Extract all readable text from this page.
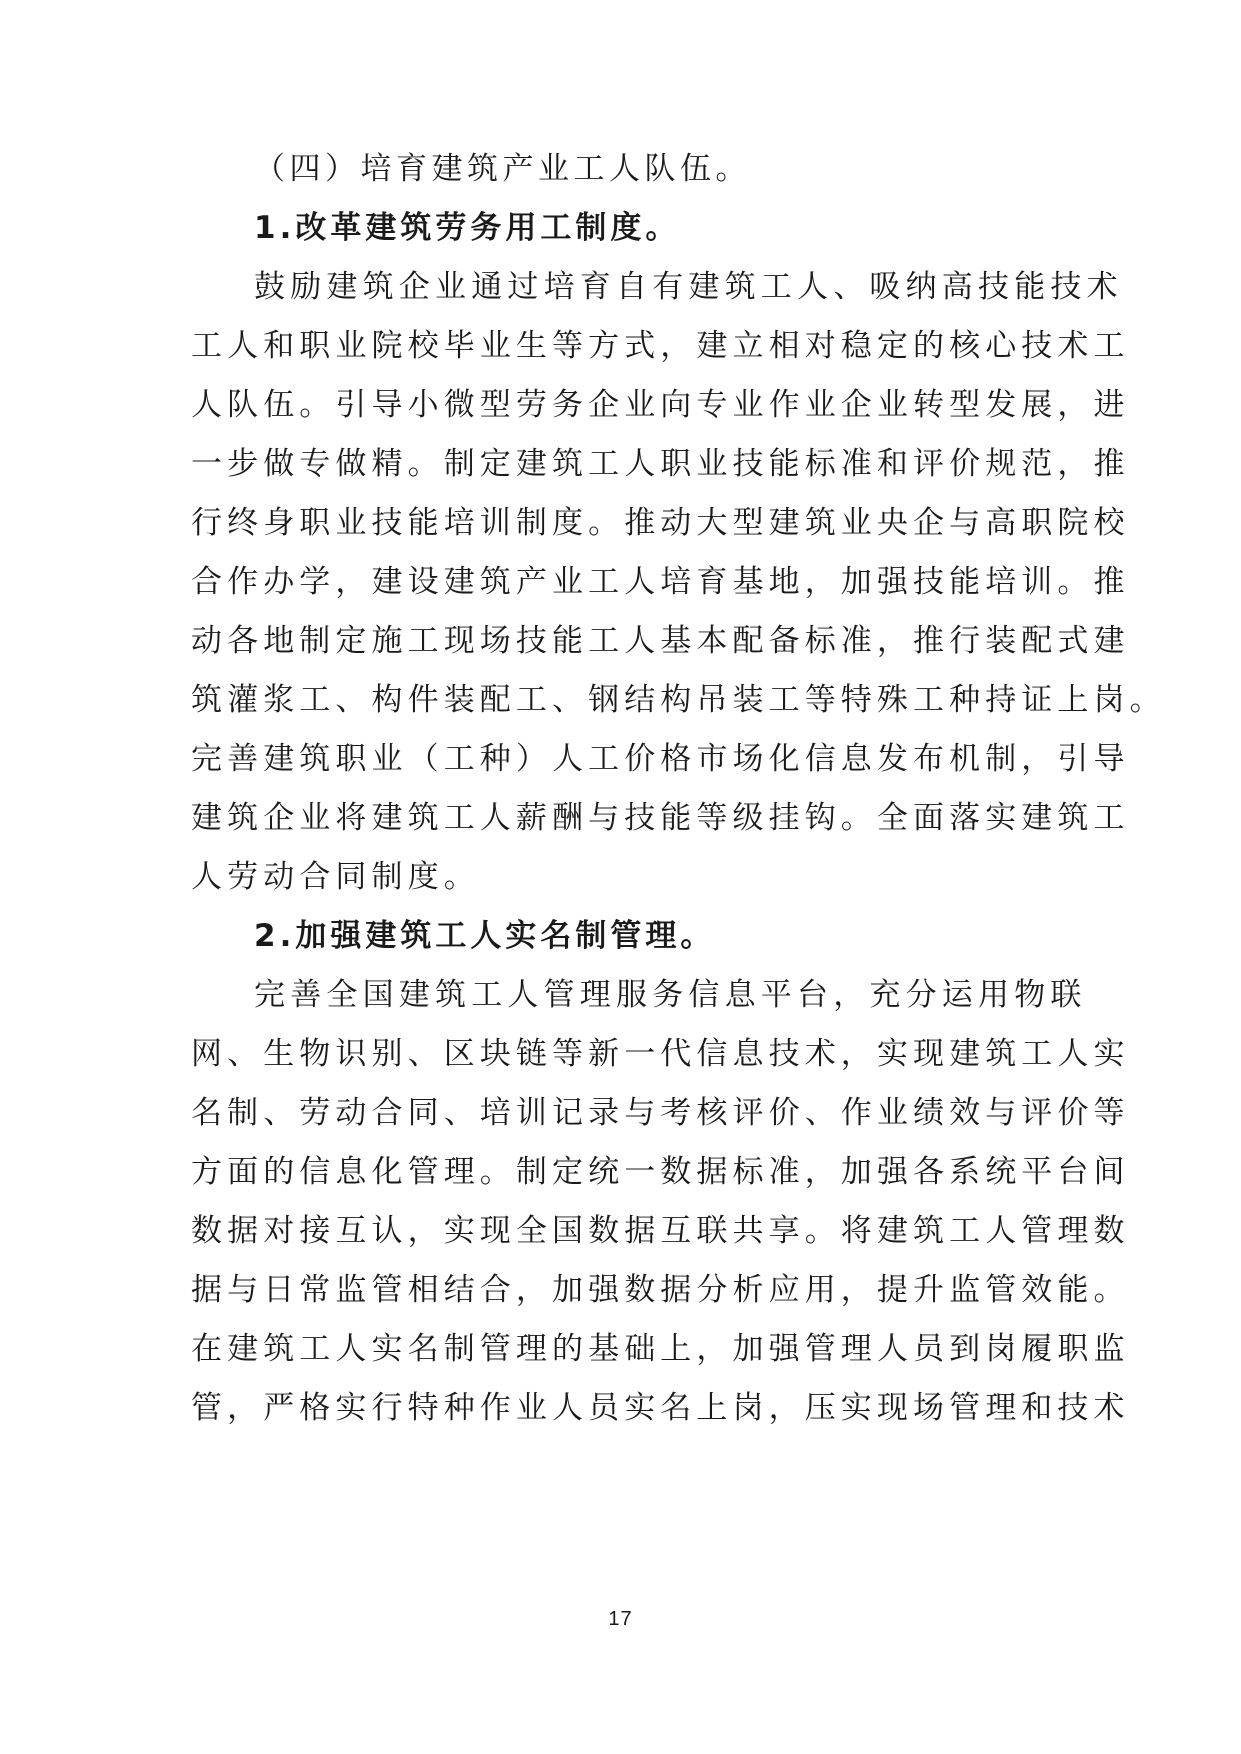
（四）培育建筑产业工人队伍。
1.改革建筑劳务用工制度。
鼓励建筑企业通过培育自有建筑工人、吸纳高技能技术
工人和职业院校毕业生等方式，建立相对稳定的核心技术工
人队伍。引导小微型劳务企业向专业作业企业转型发展，进
一步做专做精。制定建筑工人职业技能标准和评价规范，推
行终身职业技能培训制度。推动大型建筑业央企与高职院校
合作办学，建设建筑产业工人培育基地，加强技能培训。推
动各地制定施工现场技能工人基本配备标准，推行装配式建
筑灌浆工、构件装配工、钢结构吊装工等特殊工种持证上岗。
完善建筑职业（工种）人工价格市场化信息发布机制，引导
建筑企业将建筑工人薪酬与技能等级挂钩。全面落实建筑工
人劳动合同制度。
2.加强建筑工人实名制管理。
完善全国建筑工人管理服务信息平台，充分运用物联
网、生物识别、区块链等新一代信息技术，实现建筑工人实
名制、劳动合同、培训记录与考核评价、作业绩效与评价等
方面的信息化管理。制定统一数据标准，加强各系统平台间
数据对接互认，实现全国数据互联共享。将建筑工人管理数
据与日常监管相结合，加强数据分析应用，提升监管效能。
在建筑工人实名制管理的基础上，加强管理人员到岗履职监
管，严格实行特种作业人员实名上岗，压实现场管理和技术
17
